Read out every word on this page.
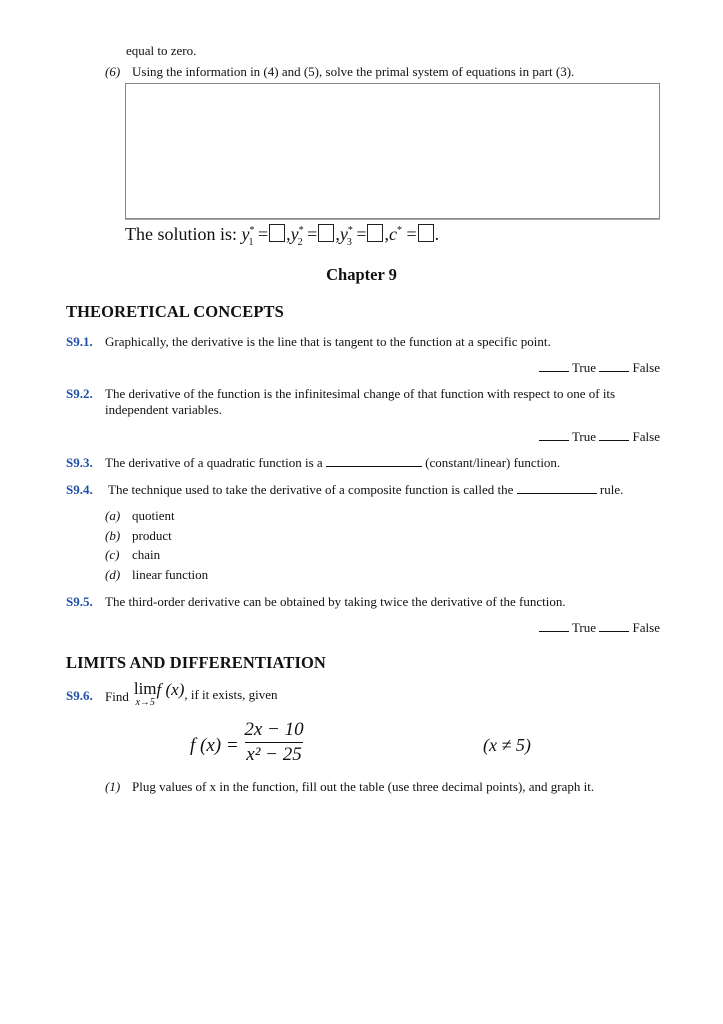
equal to zero.
(6) Using the information in (4) and (5), solve the primal system of equations in part (3).
The solution is: $y^*_1 = ,y^*_2 = ,y^*_3 = ,c^*$ = .
Chapter 9
THEORETICAL CONCEPTS
S9.1. Graphically, the derivative is the line that is tangent to the function at a specific point.
True	False
S9.2. The derivative of the function is the infinitesimal change of that function with respect to one of its independent variables.
True	False
S9.3. The derivative of a quadratic function is a	(constant/linear) function.
S9.4. The technique used to take the derivative of a composite function is called the	rule.
(a) quotient
(b) product
(c) chain
(d) linear function
S9.5. The third-order derivative can be obtained by taking twice the derivative of the function.
True	False
LIMITS AND DIFFERENTIATION
S9.6. $_{Find}$ lim
x→5
f $(x)_{, if it exists, given}$
f (x) =
2x − 10
x² − 25	(x ≠ 5)
(1) Plug values of x in the function, fill out the table (use three decimal points), and graph it.
